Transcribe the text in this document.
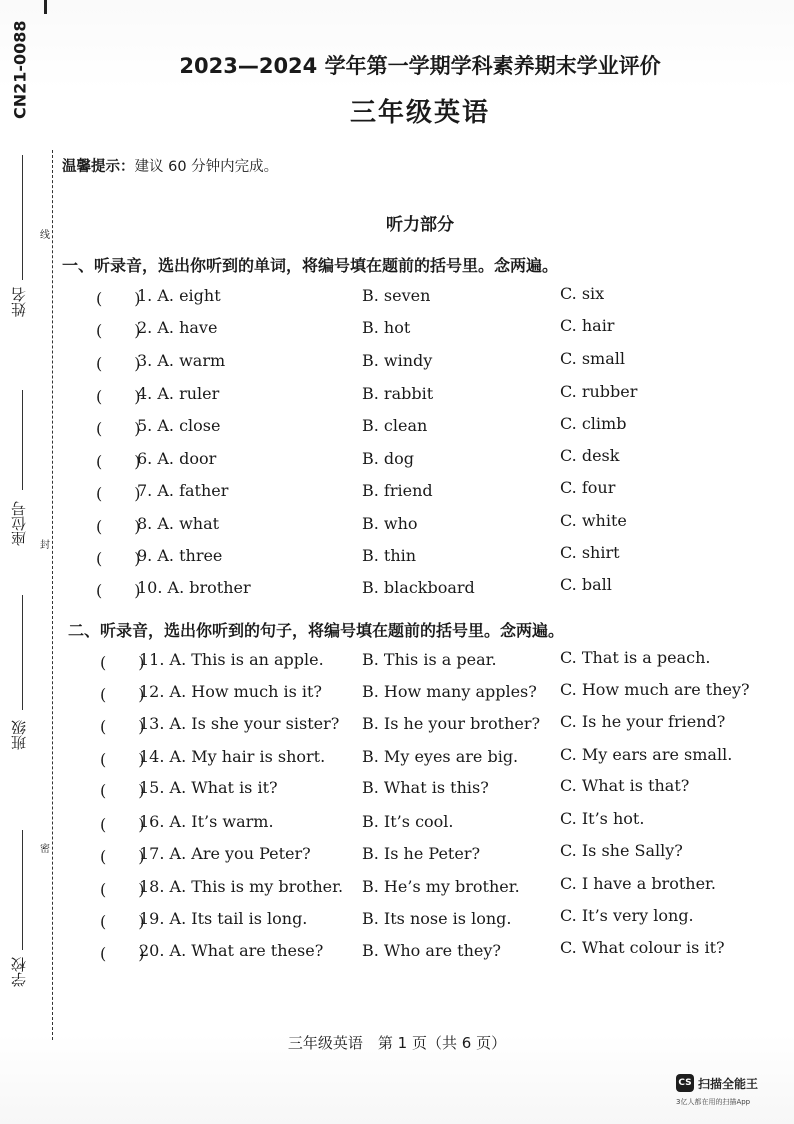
CN21-0088
线
封
密
姓名
座位号
班级
学校
2023—2024 学年第一学期学科素养期末学业评价
三年级英语
温馨提示：建议 60 分钟内完成。
听力部分
一、听录音，选出你听到的单词，将编号填在题前的括号里。念两遍。
(　　)
1. A. eight	B. seven	C. six
(　　)
2. A. have	B. hot	C. hair
(　　)
3. A. warm	B. windy	C. small
(　　)
4. A. ruler	B. rabbit	C. rubber
(　　)
5. A. close	B. clean	C. climb
(　　)
6. A. door	B. dog	C. desk
(　　)
7. A. father	B. friend	C. four
(　　)
8. A. what	B. who	C. white
(　　)
9. A. three	B. thin	C. shirt
(　　)
10. A. brother	B. blackboard	C. ball
二、听录音，选出你听到的句子，将编号填在题前的括号里。念两遍。
(　　)
11. A. This is an apple. B. This is a pear.	C. That is a peach.
(　　)
12. A. How much is it?	B. How many apples? C. How much are they?
(　　)
13. A. Is she your sister? B. Is he your brother? C. Is he your friend?
(　　)
14. A. My hair is short. B. My eyes are big.	C. My ears are small.
(　　)
15. A. What is it?	B. What is this?	C. What is that?
(　　)
16. A. It’s warm.	B. It’s cool.	C. It’s hot.
(　　)
17. A. Are you Peter?	B. Is he Peter?	C. Is she Sally?
(　　)
18. A. This is my brother. B. He’s my brother.	C. I have a brother.
(　　)
19. A. Its tail is long.	B. Its nose is long.	C. It’s very long.
(　　)
20. A. What are these? B. Who are they?	C. What colour is it?
三年级英语　第 1 页（共 6 页）
CS 扫描全能王
3亿人都在用的扫描App
